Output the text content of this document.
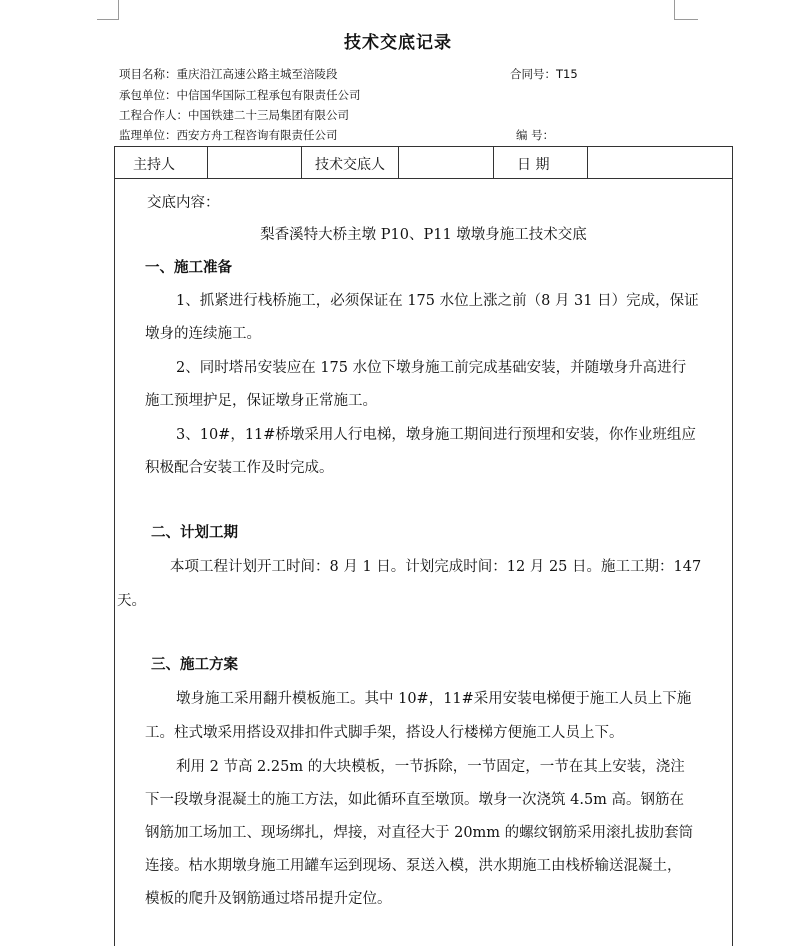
技术交底记录
项目名称：重庆沿江高速公路主城至涪陵段	合同号：T15
承包单位：中信国华国际工程承包有限责任公司
工程合作人：中国铁建二十三局集团有限公司
监理单位：西安方舟工程咨询有限责任公司	编 号：
主持人	技术交底人	日 期
交底内容：
梨香溪特大桥主墩 P10、P11 墩墩身施工技术交底
一、施工准备
1、抓紧进行栈桥施工，必须保证在 175 水位上涨之前（8 月 31 日）完成，保证
墩身的连续施工。
2、同时塔吊安装应在 175 水位下墩身施工前完成基础安装，并随墩身升高进行
施工预埋护足，保证墩身正常施工。
3、10#，11#桥墩采用人行电梯，墩身施工期间进行预埋和安装，你作业班组应
积极配合安装工作及时完成。
二、计划工期
本项工程计划开工时间：8 月 1 日。计划完成时间：12 月 25 日。施工工期：147
天。
三、施工方案
墩身施工采用翻升模板施工。其中 10#，11#采用安装电梯便于施工人员上下施
工。柱式墩采用搭设双排扣件式脚手架，搭设人行楼梯方便施工人员上下。
利用 2 节高 2.25m 的大块模板，一节拆除，一节固定，一节在其上安装，浇注
下一段墩身混凝土的施工方法，如此循环直至墩顶。墩身一次浇筑 4.5m 高。钢筋在
钢筋加工场加工、现场绑扎，焊接，对直径大于 20mm 的螺纹钢筋采用滚扎拔肋套筒
连接。枯水期墩身施工用罐车运到现场、泵送入模，洪水期施工由栈桥输送混凝土，
模板的爬升及钢筋通过塔吊提升定位。
